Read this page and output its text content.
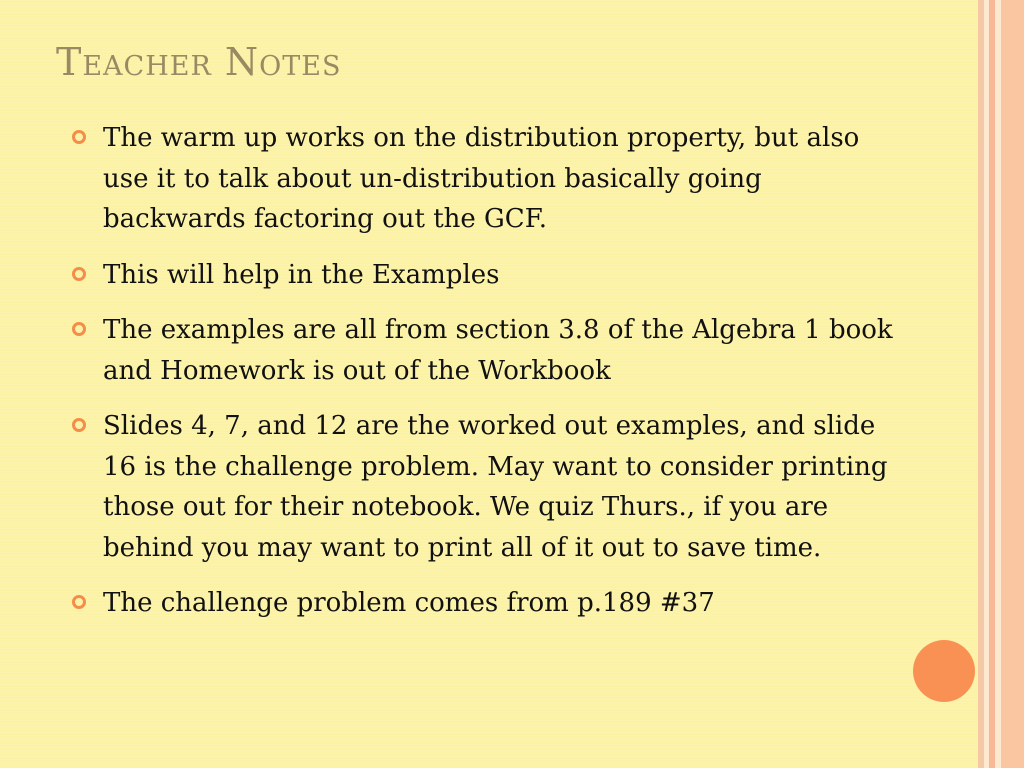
Teacher Notes
The warm up works on the distribution property, but also use it to talk about un-distribution basically going backwards factoring out the GCF.
This will help in the Examples
The examples are all from section 3.8 of the Algebra 1 book and Homework is out of the Workbook
Slides 4, 7, and 12 are the worked out examples, and slide 16 is the challenge problem. May want to consider printing those out for their notebook. We quiz Thurs., if you are behind you may want to print all of it out to save time.
The challenge problem comes from p.189 #37
